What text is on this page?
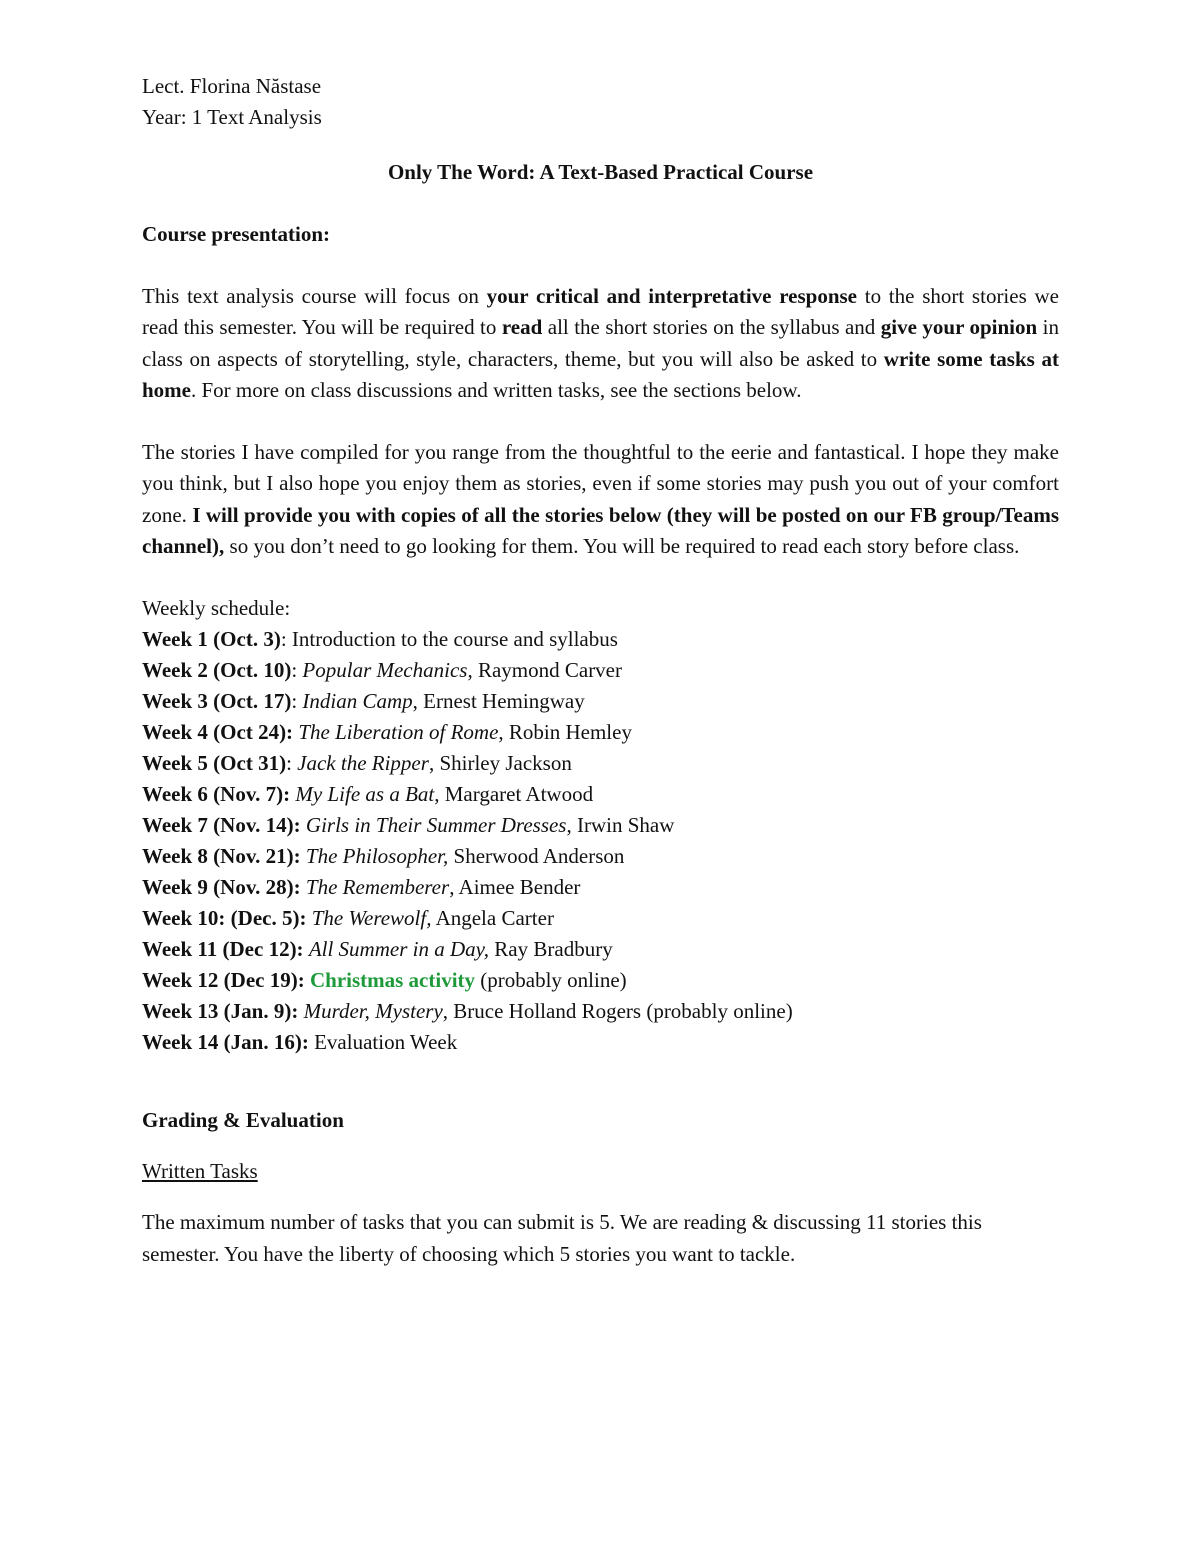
Lect. Florina Năstase
Year: 1 Text Analysis
Only The Word: A Text-Based Practical Course
Course presentation:

This text analysis course will focus on your critical and interpretative response to the short stories we read this semester. You will be required to read all the short stories on the syllabus and give your opinion in class on aspects of storytelling, style, characters, theme, but you will also be asked to write some tasks at home. For more on class discussions and written tasks, see the sections below.

The stories I have compiled for you range from the thoughtful to the eerie and fantastical. I hope they make you think, but I also hope you enjoy them as stories, even if some stories may push you out of your comfort zone. I will provide you with copies of all the stories below (they will be posted on our FB group/Teams channel), so you don’t need to go looking for them. You will be required to read each story before class.

Weekly schedule:
Week 1 (Oct. 3): Introduction to the course and syllabus
Week 2 (Oct. 10): Popular Mechanics, Raymond Carver
Week 3 (Oct. 17): Indian Camp, Ernest Hemingway
Week 4 (Oct 24): The Liberation of Rome, Robin Hemley
Week 5 (Oct 31): Jack the Ripper, Shirley Jackson
Week 6 (Nov. 7): My Life as a Bat, Margaret Atwood
Week 7 (Nov. 14): Girls in Their Summer Dresses, Irwin Shaw
Week 8 (Nov. 21): The Philosopher, Sherwood Anderson
Week 9 (Nov. 28): The Rememberer, Aimee Bender
Week 10: (Dec. 5): The Werewolf, Angela Carter
Week 11 (Dec 12): All Summer in a Day, Ray Bradbury
Week 12 (Dec 19): Christmas activity (probably online)
Week 13 (Jan. 9): Murder, Mystery, Bruce Holland Rogers (probably online)
Week 14 (Jan. 16): Evaluation Week
Grading & Evaluation
Written Tasks

The maximum number of tasks that you can submit is 5. We are reading & discussing 11 stories this semester. You have the liberty of choosing which 5 stories you want to tackle.
